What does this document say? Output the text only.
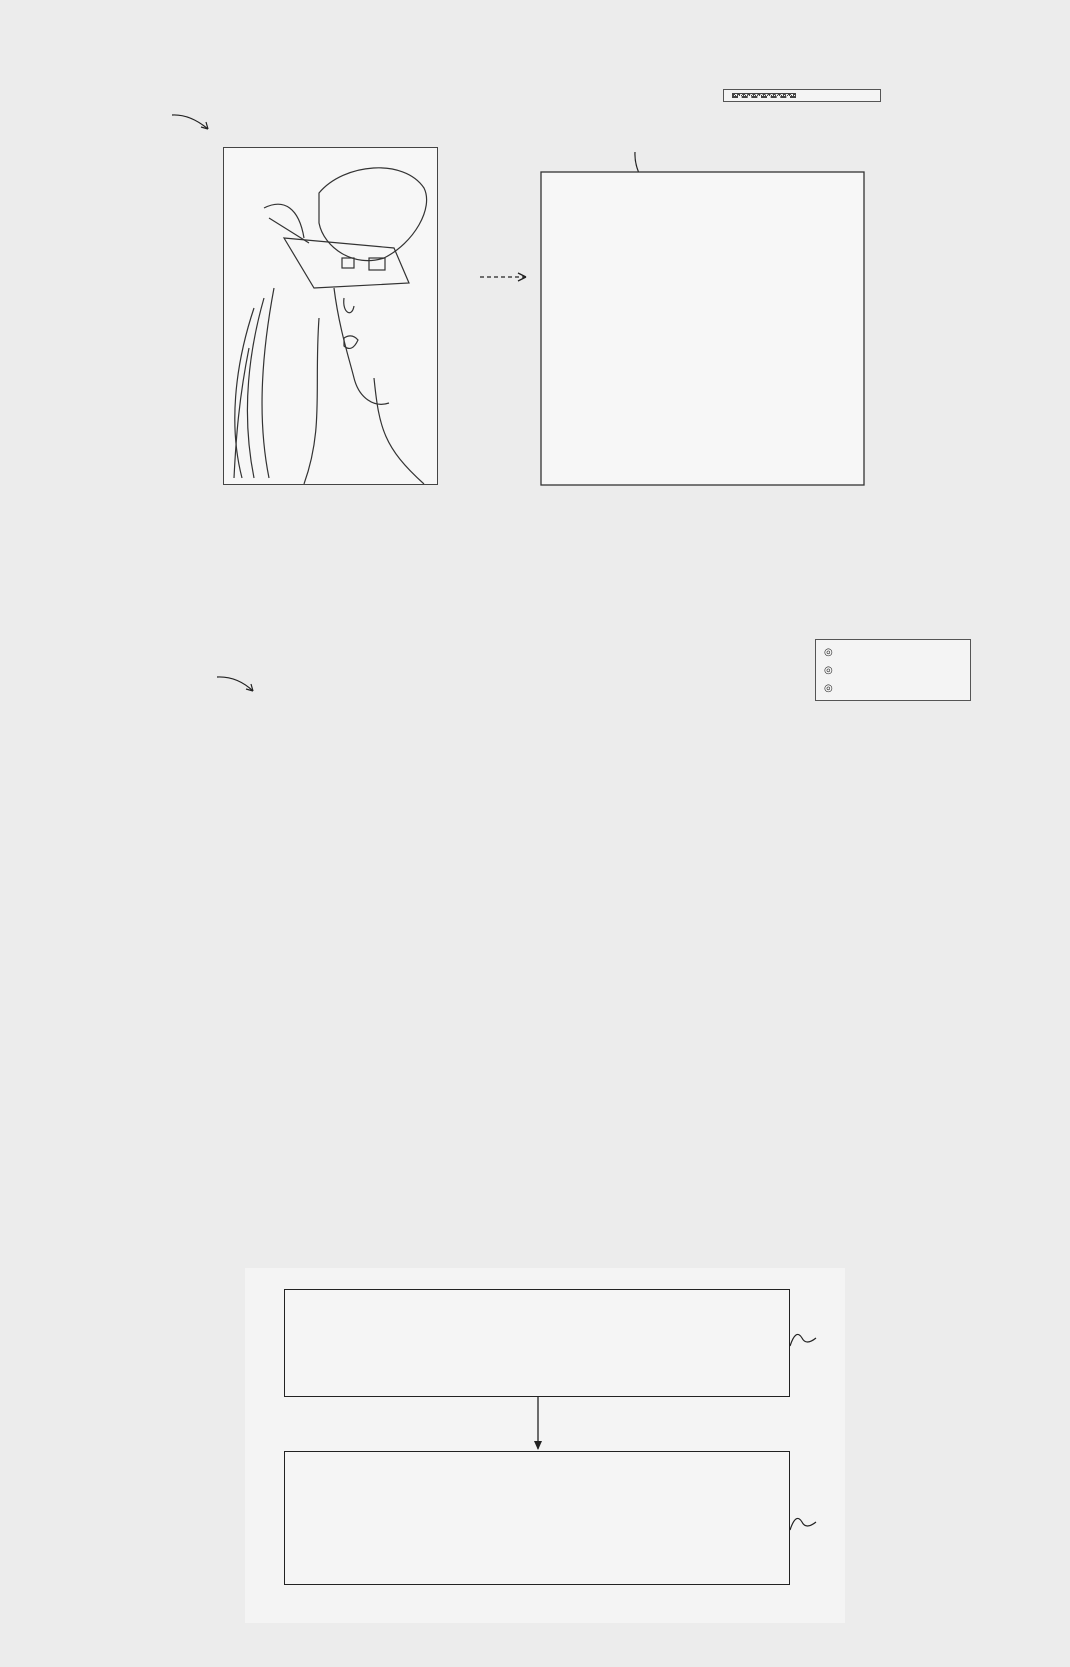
◎
◎
◎
